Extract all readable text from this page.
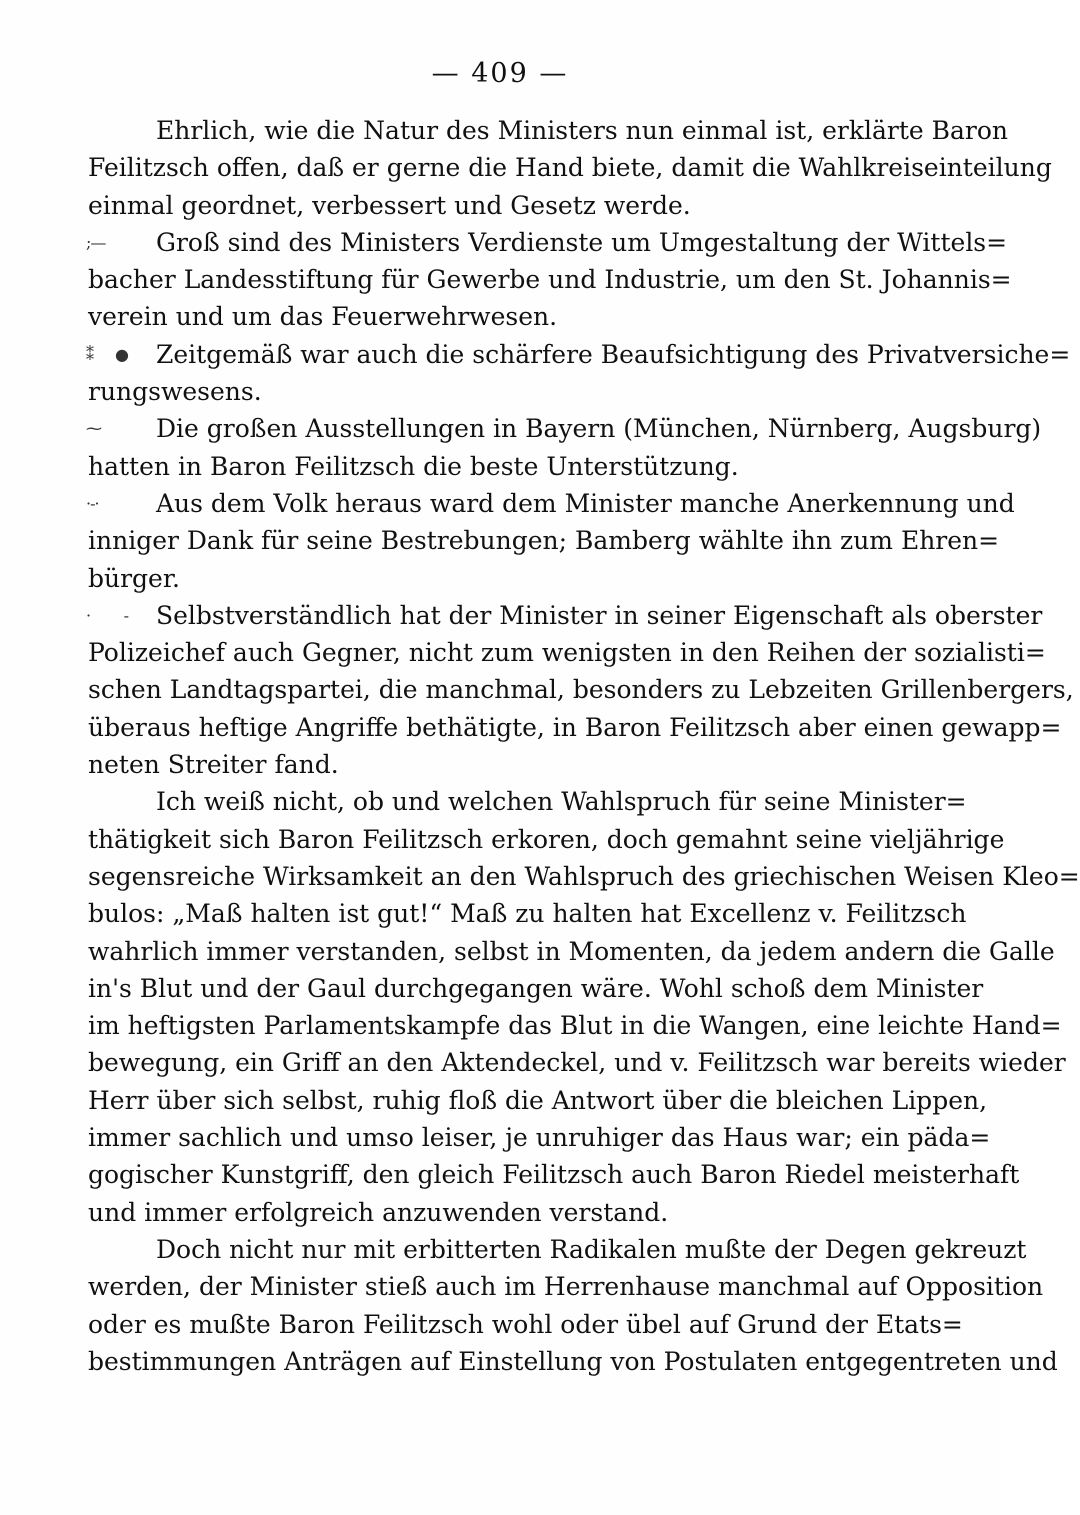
— 409 —
Ehrlich, wie die Natur des Ministers nun einmal ist, erklärte Baron
Feilitzsch offen, daß er gerne die Hand biete, damit die Wahlkreiseinteilung
einmal geordnet, verbessert und Gesetz werde.
;—	Groß sind des Ministers Verdienste um Umgestaltung der Wittels=
bacher Landesstiftung für Gewerbe und Industrie, um den St. Johannis=
verein und um das Feuerwehrwesen.
⁑● Zeitgemäß war auch die schärfere Beaufsichtigung des Privatversiche=
rungswesens.
⁓	Die großen Ausstellungen in Bayern (München, Nürnberg, Augsburg)
hatten in Baron Feilitzsch die beste Unterstützung.
·-·	Aus dem Volk heraus ward dem Minister manche Anerkennung und
inniger Dank für seine Bestrebungen; Bamberg wählte ihn zum Ehren=
bürger.
· - Selbstverständlich hat der Minister in seiner Eigenschaft als oberster
Polizeichef auch Gegner, nicht zum wenigsten in den Reihen der sozialisti=
schen Landtagspartei, die manchmal, besonders zu Lebzeiten Grillenbergers,
überaus heftige Angriffe bethätigte, in Baron Feilitzsch aber einen gewapp=
neten Streiter fand.
Ich weiß nicht, ob und welchen Wahlspruch für seine Minister=
thätigkeit sich Baron Feilitzsch erkoren, doch gemahnt seine vieljährige
segensreiche Wirksamkeit an den Wahlspruch des griechischen Weisen Kleo=
bulos: „Maß halten ist gut!“ Maß zu halten hat Excellenz v. Feilitzsch
wahrlich immer verstanden, selbst in Momenten, da jedem andern die Galle
in's Blut und der Gaul durchgegangen wäre. Wohl schoß dem Minister
im heftigsten Parlamentskampfe das Blut in die Wangen, eine leichte Hand=
bewegung, ein Griff an den Aktendeckel, und v. Feilitzsch war bereits wieder
Herr über sich selbst, ruhig floß die Antwort über die bleichen Lippen,
immer sachlich und umso leiser, je unruhiger das Haus war; ein päda=
gogischer Kunstgriff, den gleich Feilitzsch auch Baron Riedel meisterhaft
und immer erfolgreich anzuwenden verstand.
Doch nicht nur mit erbitterten Radikalen mußte der Degen gekreuzt
werden, der Minister stieß auch im Herrenhause manchmal auf Opposition
oder es mußte Baron Feilitzsch wohl oder übel auf Grund der Etats=
bestimmungen Anträgen auf Einstellung von Postulaten entgegentreten und
